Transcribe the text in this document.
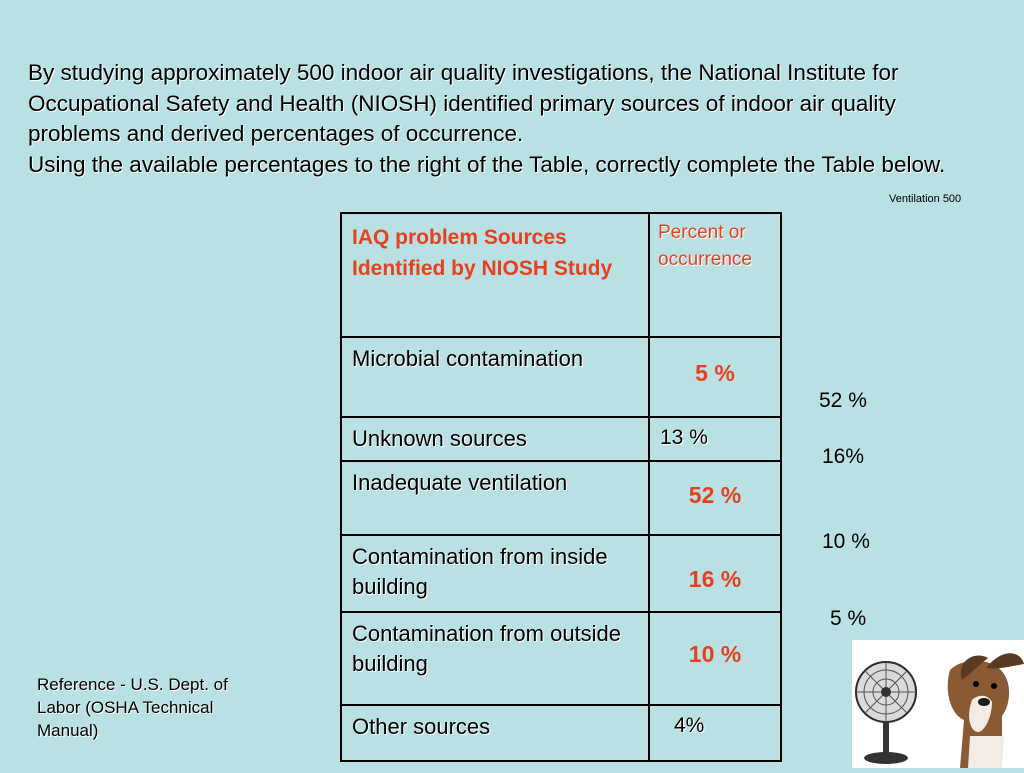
By studying approximately 500 indoor air quality investigations, the National Institute for Occupational Safety and Health (NIOSH) identified primary sources of indoor air quality problems and derived percentages of occurrence.

Using the available percentages to the right of the Table, correctly complete the Table below.

Ventilation 500
IAQ problem Sources Identified by NIOSH Study	Percent or occurrence

Microbial contamination	5 %

Unknown sources	13 %

Inadequate ventilation	52 %

Contamination from inside building	16 %

Contamination from outside building	10 %

Other sources	4%
52 %
16%
10 %
5 %
Reference - U.S. Dept. of Labor (OSHA Technical Manual)
